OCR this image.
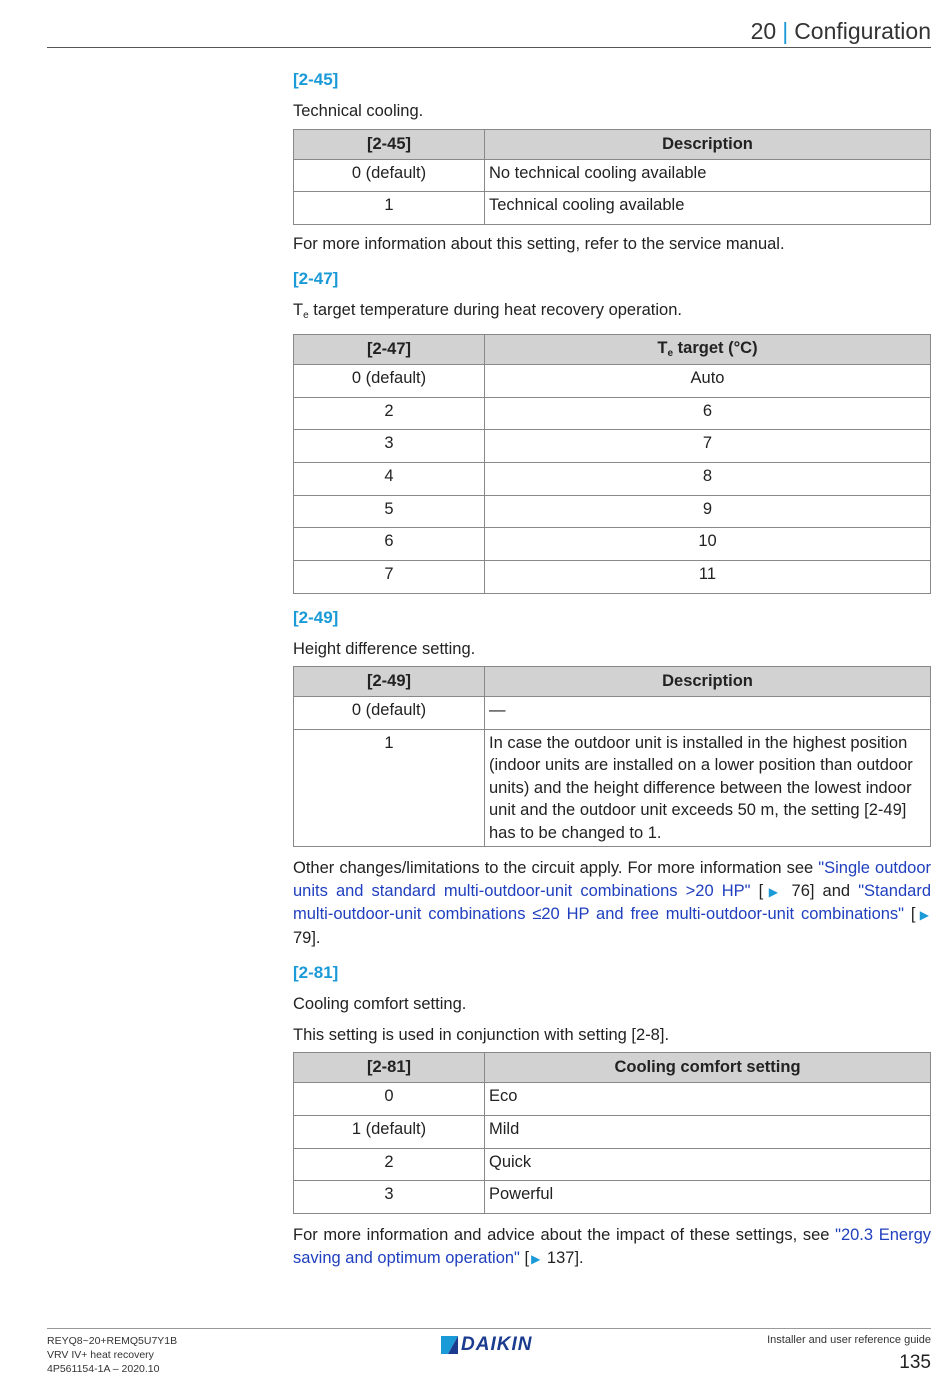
20 | Configuration
[2-45]
Technical cooling.
[2-45]	Description
0 (default)	No technical cooling available
1	Technical cooling available
For more information about this setting, refer to the service manual.
[2-47]
$T_e$ target temperature during heat recovery operation.
[2-47]	$T_e$ target (°C)
0 (default)	Auto
2	6
3	7
4	8
5	9
6	10
7	11
[2-49]
Height difference setting.
[2-49]	Description
0 (default)	—
1	In case the outdoor unit is installed in the highest position (indoor units are installed on a lower position than outdoor units) and the height difference between the lowest indoor unit and the outdoor unit exceeds 50 m, the setting [2-49] has to be changed to 1.
Other changes/limitations to the circuit apply. For more information see "Single outdoor units and standard multi-outdoor-unit combinations >20 HP" [ ▶ 76] and "Standard multi-outdoor-unit combinations ≤20 HP and free multi-outdoor-unit combinations" [ ▶ 79].
[2-81]
Cooling comfort setting.
This setting is used in conjunction with setting [2-8].
[2-81]	Cooling comfort setting
0	Eco
1 (default)	Mild
2	Quick
3	Powerful
For more information and advice about the impact of these settings, see "20.3 Energy saving and optimum operation" [ ▶ 137].
REYQ8~20+REMQ5U7Y1B
VRV IV+ heat recovery
4P561154-1A – 2020.10
DAIKIN	Installer and user reference guide
135
